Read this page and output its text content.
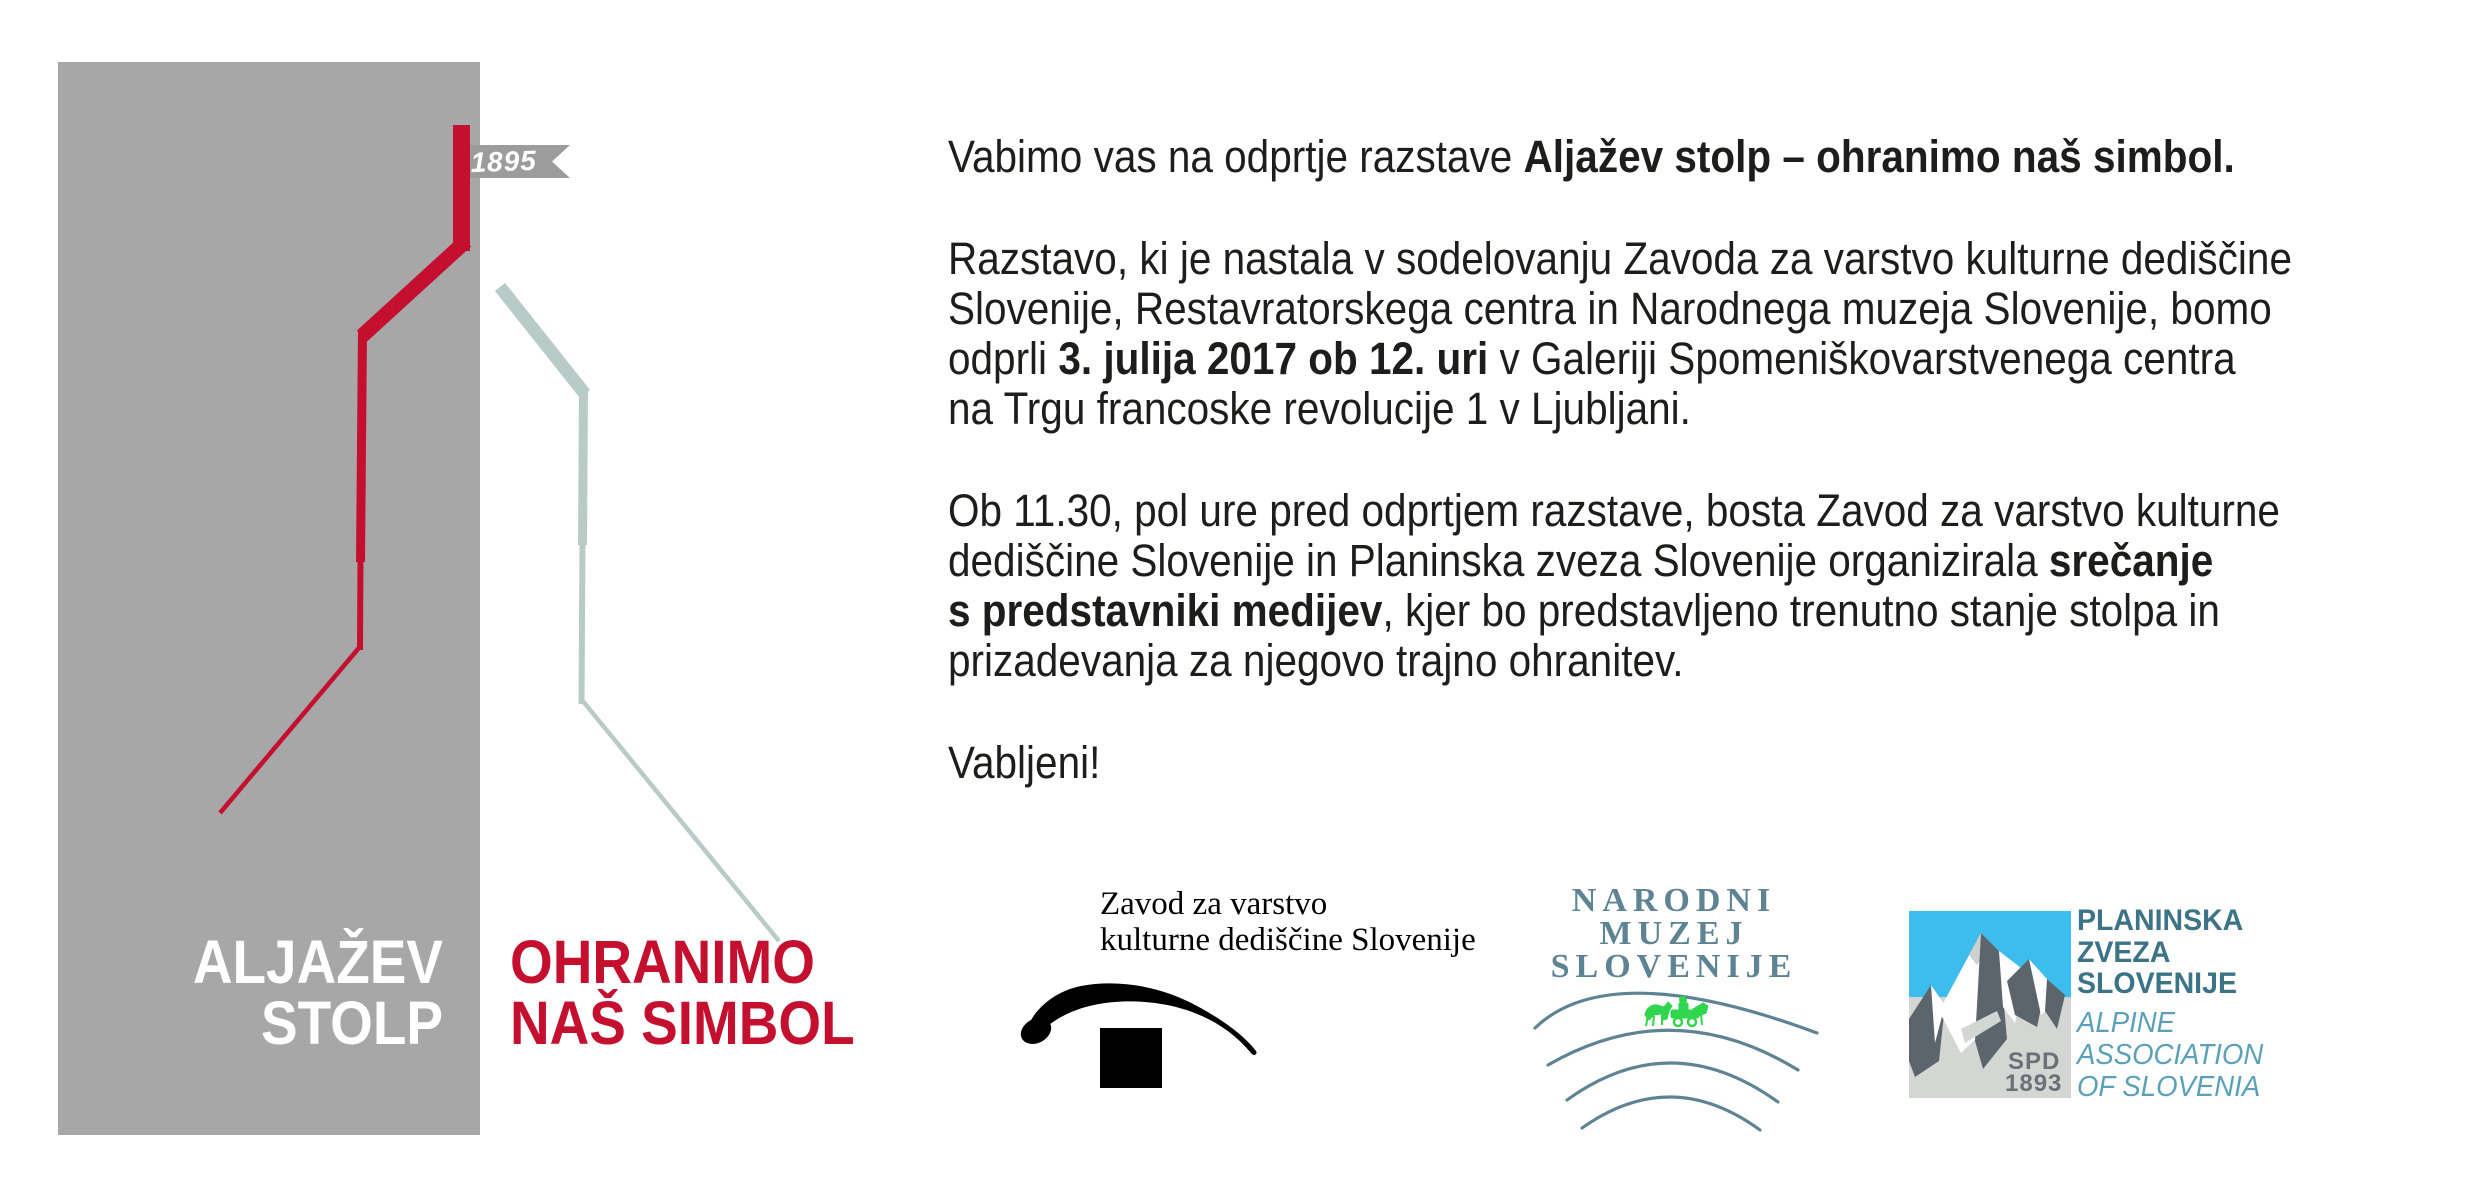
1895
ALJAŽEV
STOLP
OHRANIMO
NAŠ SIMBOL
Vabimo vas na odprtje razstave Aljažev stolp – ohranimo naš simbol.
Razstavo, ki je nastala v sodelovanju Zavoda za varstvo kulturne dediščine
Slovenije, Restavratorskega centra in Narodnega muzeja Slovenije, bomo
odprli 3. julija 2017 ob 12. uri v Galeriji Spomeniškovarstvenega centra
na Trgu francoske revolucije 1 v Ljubljani.
Ob 11.30, pol ure pred odprtjem razstave, bosta Zavod za varstvo kulturne
dediščine Slovenije in Planinska zveza Slovenije organizirala srečanje
s predstavniki medijev, kjer bo predstavljeno trenutno stanje stolpa in
prizadevanja za njegovo trajno ohranitev.
Vabljeni!
Zavod za varstvo
kulturne dediščine Slovenije
NARODNI
MUZEJ
SLOVENIJE
SPD
1893
PLANINSKA
ZVEZA
SLOVENIJE
ALPINE
ASSOCIATION
OF SLOVENIA
